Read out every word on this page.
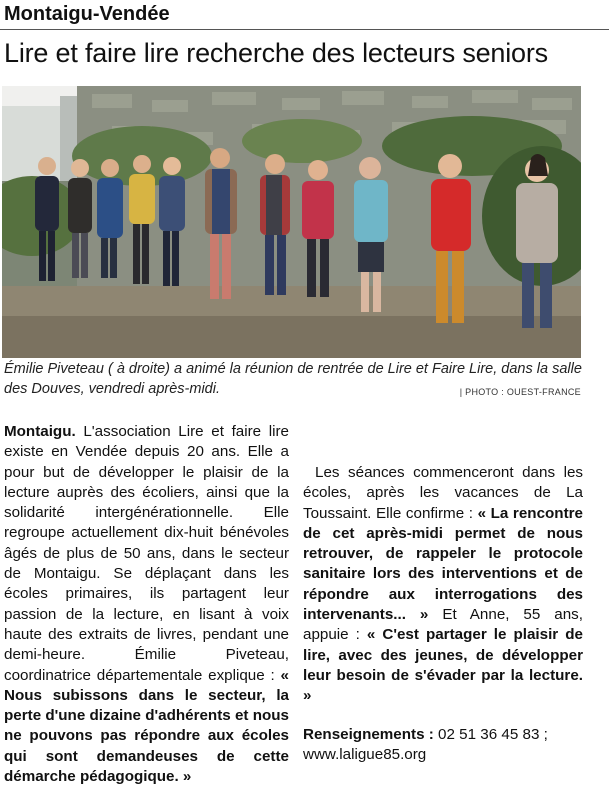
Montaigu-Vendée
Lire et faire lire recherche des lecteurs seniors
Émilie Piveteau ( à droite) a animé la réunion de rentrée de Lire et Faire Lire, dans la salle des Douves, vendredi après-midi.	| PHOTO : OUEST-FRANCE

Montaigu. L'association Lire et faire lire existe en Vendée depuis 20 ans. Elle a pour but de développer le plaisir de la lecture auprès des écoliers, ainsi que la solidarité intergénérationnelle. Elle regroupe actuellement dix-huit bénévoles âgés de plus de 50 ans, dans le secteur de Montaigu. Se déplaçant dans les écoles primaires, ils partagent leur passion de la lecture, en lisant à voix haute des extraits de livres, pendant une demi-heure. Émilie Piveteau, coordinatrice départementale explique : « Nous subissons dans le secteur, la perte d'une dizaine d'adhérents et nous ne pouvons pas répondre aux écoles qui sont demandeuses de cette démarche pédagogique. »

Les séances commenceront dans les écoles, après les vacances de La Toussaint. Elle confirme : « La rencontre de cet après-midi permet de nous retrouver, de rappeler le protocole sanitaire lors des interventions et de répondre aux interrogations des intervenants... » Et Anne, 55 ans, appuie : « C'est partager le plaisir de lire, avec des jeunes, de développer leur besoin de s'évader par la lecture. »

Renseignements : 02 51 36 45 83 ; www.laligue85.org
